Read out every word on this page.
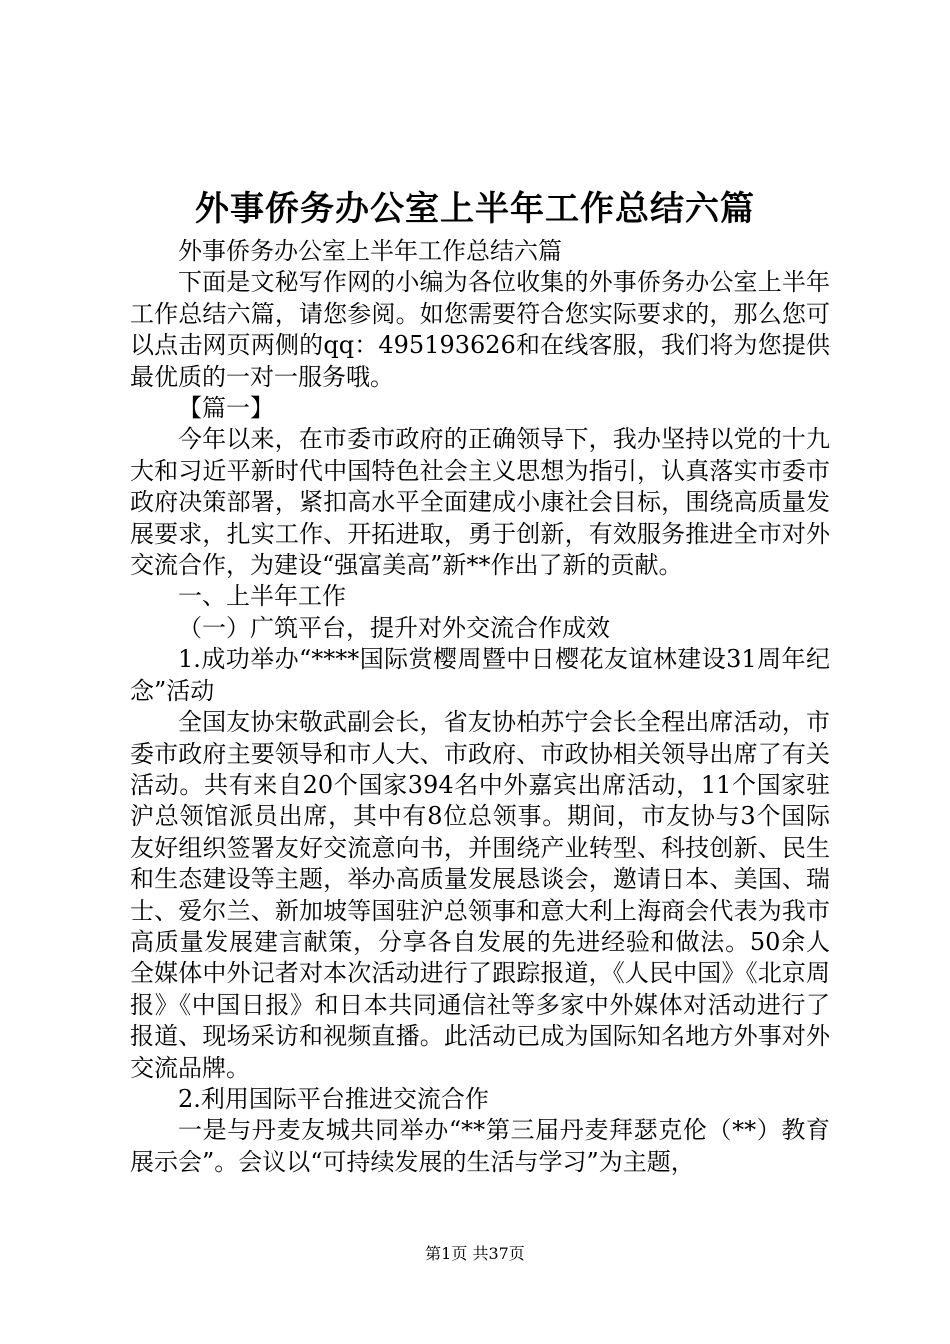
外事侨务办公室上半年工作总结六篇

外事侨务办公室上半年工作总结六篇

下面是文秘写作网的小编为各位收集的外事侨务办公室上半年工作总结六篇，请您参阅。如您需要符合您实际要求的，那么您可以点击网页两侧的qq：495193626和在线客服，我们将为您提供最优质的一对一服务哦。

【篇一】

今年以来，在市委市政府的正确领导下，我办坚持以党的十九大和习近平新时代中国特色社会主义思想为指引，认真落实市委市政府决策部署，紧扣高水平全面建成小康社会目标，围绕高质量发展要求，扎实工作、开拓进取，勇于创新，有效服务推进全市对外交流合作，为建设“强富美高”新**作出了新的贡献。

一、上半年工作

（一）广筑平台，提升对外交流合作成效

1.成功举办“****国际赏樱周暨中日樱花友谊林建设31周年纪念”活动

全国友协宋敬武副会长，省友协柏苏宁会长全程出席活动，市委市政府主要领导和市人大、市政府、市政协相关领导出席了有关活动。共有来自20个国家394名中外嘉宾出席活动，11个国家驻沪总领馆派员出席，其中有8位总领事。期间，市友协与3个国际友好组织签署友好交流意向书，并围绕产业转型、科技创新、民生和生态建设等主题，举办高质量发展恳谈会，邀请日本、美国、瑞士、爱尔兰、新加坡等国驻沪总领事和意大利上海商会代表为我市高质量发展建言献策，分享各自发展的先进经验和做法。50余人全媒体中外记者对本次活动进行了跟踪报道，《人民中国》《北京周报》《中国日报》和日本共同通信社等多家中外媒体对活动进行了报道、现场采访和视频直播。此活动已成为国际知名地方外事对外交流品牌。

2.利用国际平台推进交流合作

一是与丹麦友城共同举办“**第三届丹麦拜瑟克伦（**）教育展示会”。会议以“可持续发展的生活与学习”为主题，

第1页 共37页
